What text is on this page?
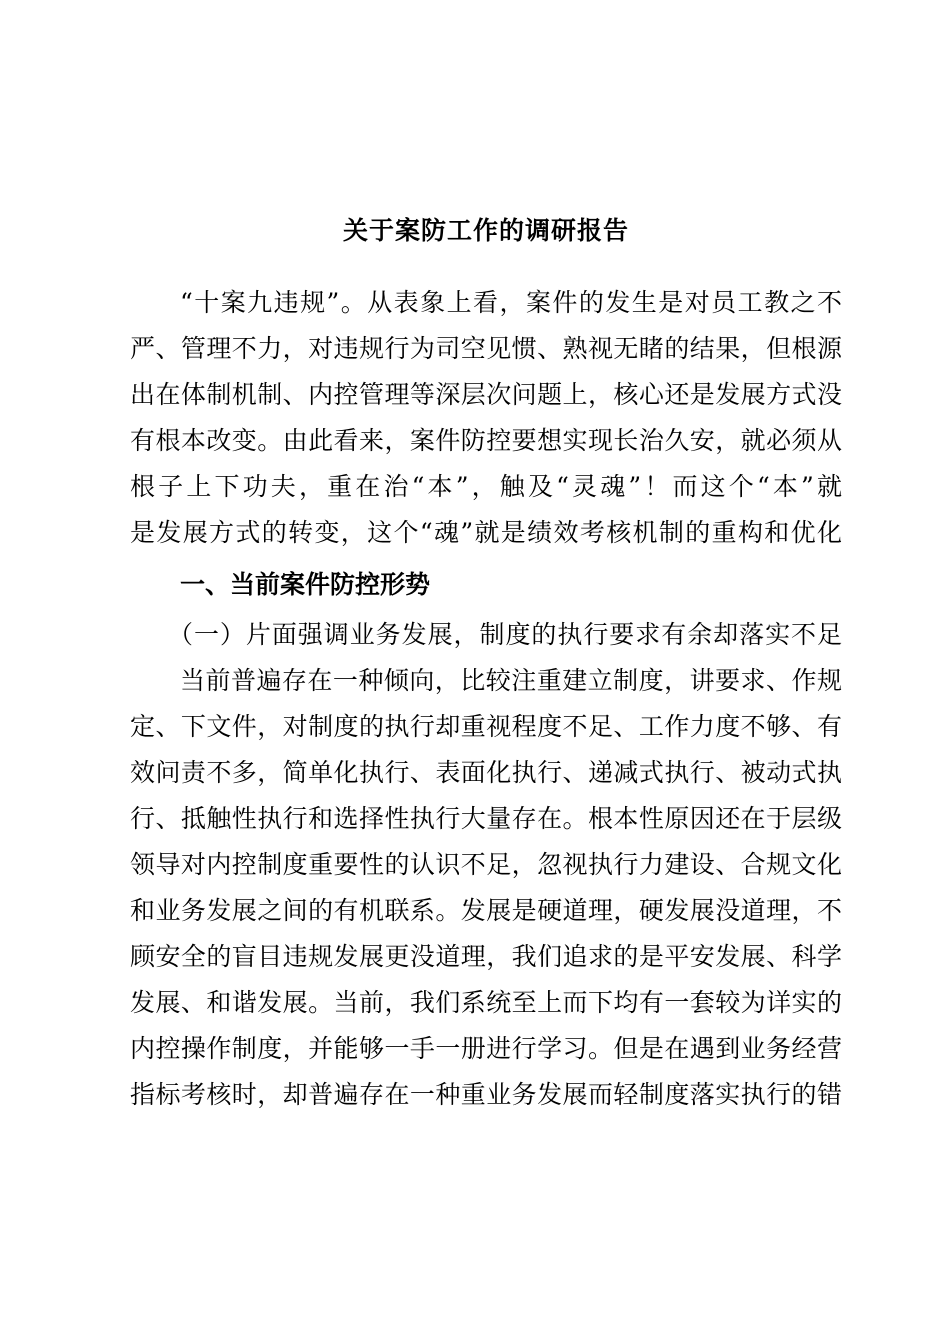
关于案防工作的调研报告
“十案九违规”。从表象上看，案件的发生是对员工教之不
严、管理不力，对违规行为司空见惯、熟视无睹的结果，但根源
出在体制机制、内控管理等深层次问题上，核心还是发展方式没
有根本改变。由此看来，案件防控要想实现长治久安，就必须从
根子上下功夫，重在治“本”，触及“灵魂”！而这个“本”就
是发展方式的转变，这个“魂”就是绩效考核机制的重构和优化
一、当前案件防控形势
（一）片面强调业务发展，制度的执行要求有余却落实不足
当前普遍存在一种倾向，比较注重建立制度，讲要求、作规
定、下文件，对制度的执行却重视程度不足、工作力度不够、有
效问责不多，简单化执行、表面化执行、递减式执行、被动式执
行、抵触性执行和选择性执行大量存在。根本性原因还在于层级
领导对内控制度重要性的认识不足，忽视执行力建设、合规文化
和业务发展之间的有机联系。发展是硬道理，硬发展没道理，不
顾安全的盲目违规发展更没道理，我们追求的是平安发展、科学
发展、和谐发展。当前，我们系统至上而下均有一套较为详实的
内控操作制度，并能够一手一册进行学习。但是在遇到业务经营
指标考核时，却普遍存在一种重业务发展而轻制度落实执行的错
